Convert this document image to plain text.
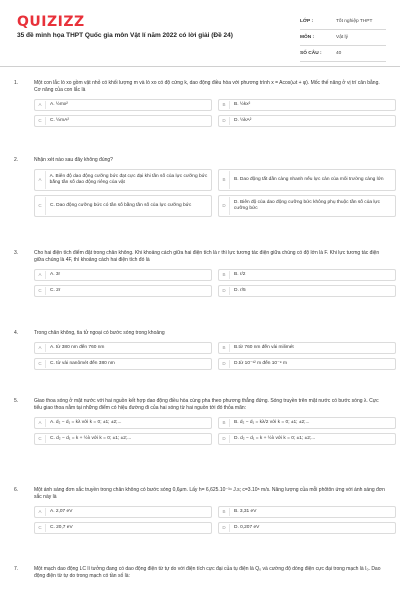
QUIZIZZ
35 đề minh họa THPT Quốc gia môn Vật lí năm 2022 có lời giải (Đề 24)
LỚP :	Tốt nghiệp THPT
MÔN :	Vật lý
SỐ CÂU :	40
1.	Một con lắc lò xo gồm vật nhỏ có khối lượng m và lò xo có độ cứng k, dao động điều hòa với phương trình x = Acos(ωt + φ). Mốc thế năng ở vị trí cân bằng. Cơ năng của con lắc là
A	A. ½mx²	B	B. ½kx²
C	C. ½mA²	D	D. ½kA²
2.	Nhận xét nào sau đây không đúng?
A
A. Biên độ dao động cưỡng bức đạt cực đại khi tần số của lực cưỡng bức bằng tần số dao động riêng của vật
B	B. Dao động tắt dần càng nhanh nếu lực cản của môi trường càng lớn
C	C. Dao động cưỡng bức có tần số bằng tần số của lực cưỡng bức	D
D. Biên độ của dao động cưỡng bức không phụ thuộc tần số của lực cưỡng bức
3.	Cho hai điện tích điểm đặt trong chân không. Khi khoảng cách giữa hai điện tích là r thì lực tương tác điện giữa chúng có độ lớn là F. Khi lực tương tác điện giữa chúng là 4F, thì khoảng cách hai điện tích đó là
A	A. 3r	B	B. r/2
C	C. 2r	D	D. r/5
4.	Trong chân không, tia tử ngoại có bước sóng trong khoảng
A	A. từ 380 nm đến 760 nm	B	B.từ 760 nm đến vài milimét
C	C. từ vài nanômét đến 380 nm	D	D.từ 10⁻¹² m đến 10⁻⁹ m
5.	Giao thoa sóng ở mặt nước với hai nguồn kết hợp dao động điều hòa cùng pha theo phương thẳng đứng. Sóng truyền trên mặt nước có bước sóng λ. Cực tiểu giao thoa nằm tại những điểm có hiệu đường đi của hai sóng từ hai nguồn tới đó thỏa mãn:
A	A. d₂ − d₁ = kλ với k = 0; ±1; ±2;...	B	B. d₂ − d₁ = kλ/2 với k = 0; ±1; ±2;...
C	C. d₂ − d₁ = k + ½λ với k = 0; ±1; ±2;...	D	D. d₂ − d₁ = k + ½λ với k = 0; ±1; ±2;...
6.	Một ánh sáng đơn sắc truyền trong chân không có bước sóng 0,6μm. Lấy h= 6,625.10⁻³⁴ J.s; c=3.10⁸ m/s. Năng lượng của mỗi phôtôn ứng với ánh sáng đơn sắc này là
A	A. 2,07 eV	B	B. 3,31 eV
C	C. 20,7 eV	D	D. 0,207 eV
7.	Một mạch dao động LC lí tưởng đang có dao động điện từ tự do với điện tích cực đại của tụ điện là Q₀ và cường độ dòng điện cực đại trong mạch là I₀. Dao động điện từ tự do trong mạch có tần số là:
